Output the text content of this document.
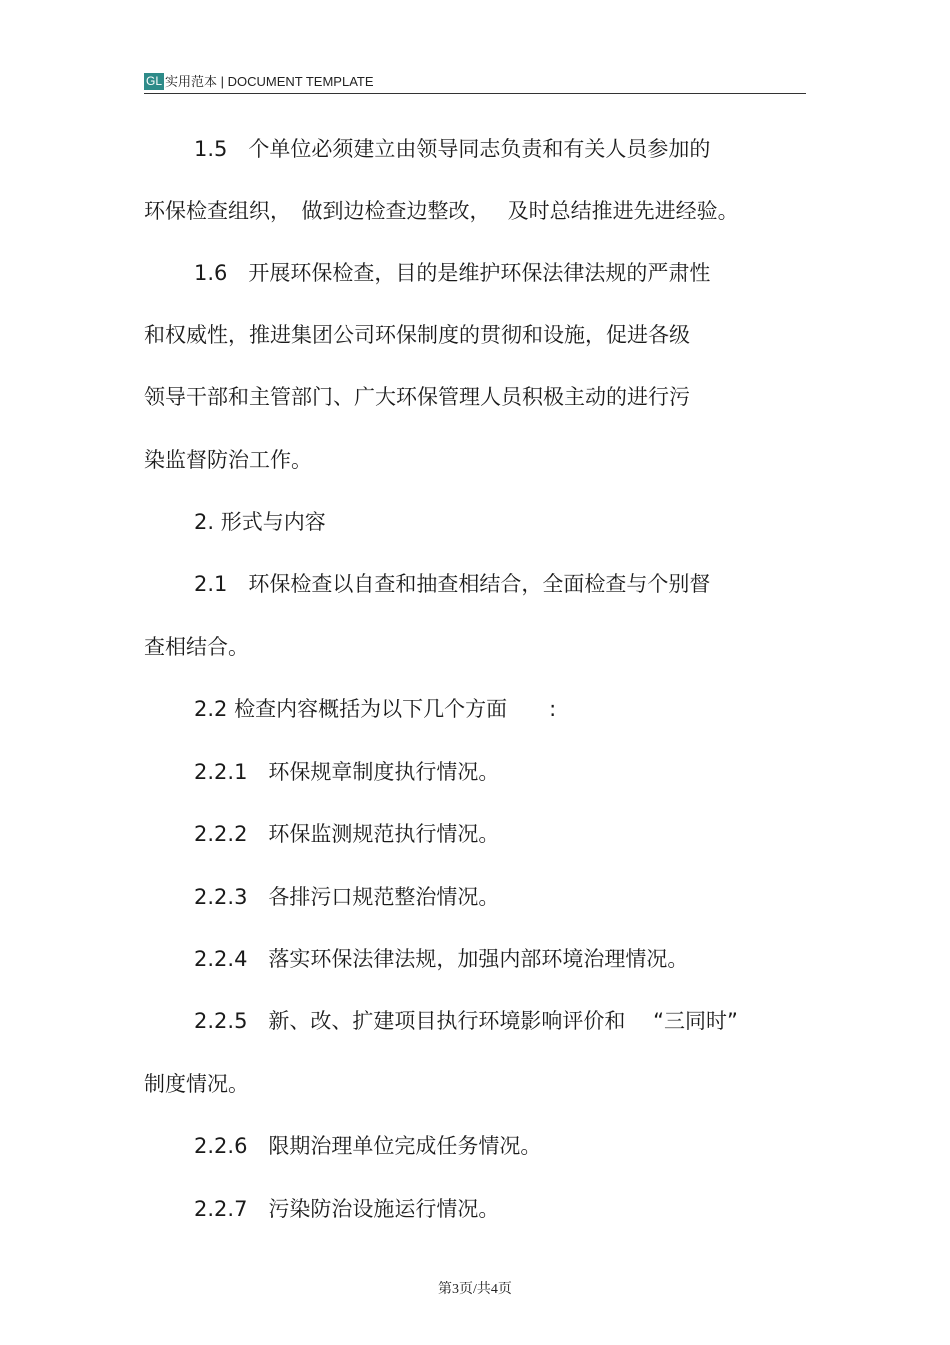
GL 实用范本 | DOCUMENT TEMPLATE
1.5　个单位必须建立由领导同志负责和有关人员参加的
环保检查组织，　做到边检查边整改，　 及时总结推进先进经验。
1.6　开展环保检查，目的是维护环保法律法规的严肃性
和权威性，推进集团公司环保制度的贯彻和设施，促进各级
领导干部和主管部门、广大环保管理人员积极主动的进行污
染监督防治工作。
2. 形式与内容
2.1　环保检查以自查和抽查相结合，全面检查与个别督
查相结合。
2.2 检查内容概括为以下几个方面　　:
2.2.1　环保规章制度执行情况。
2.2.2　环保监测规范执行情况。
2.2.3　各排污口规范整治情况。
2.2.4　落实环保法律法规，加强内部环境治理情况。
2.2.5　新、改、扩建项目执行环境影响评价和　 “三同时”
制度情况。
2.2.6　限期治理单位完成任务情况。
2.2.7　污染防治设施运行情况。
第3页/共4页
